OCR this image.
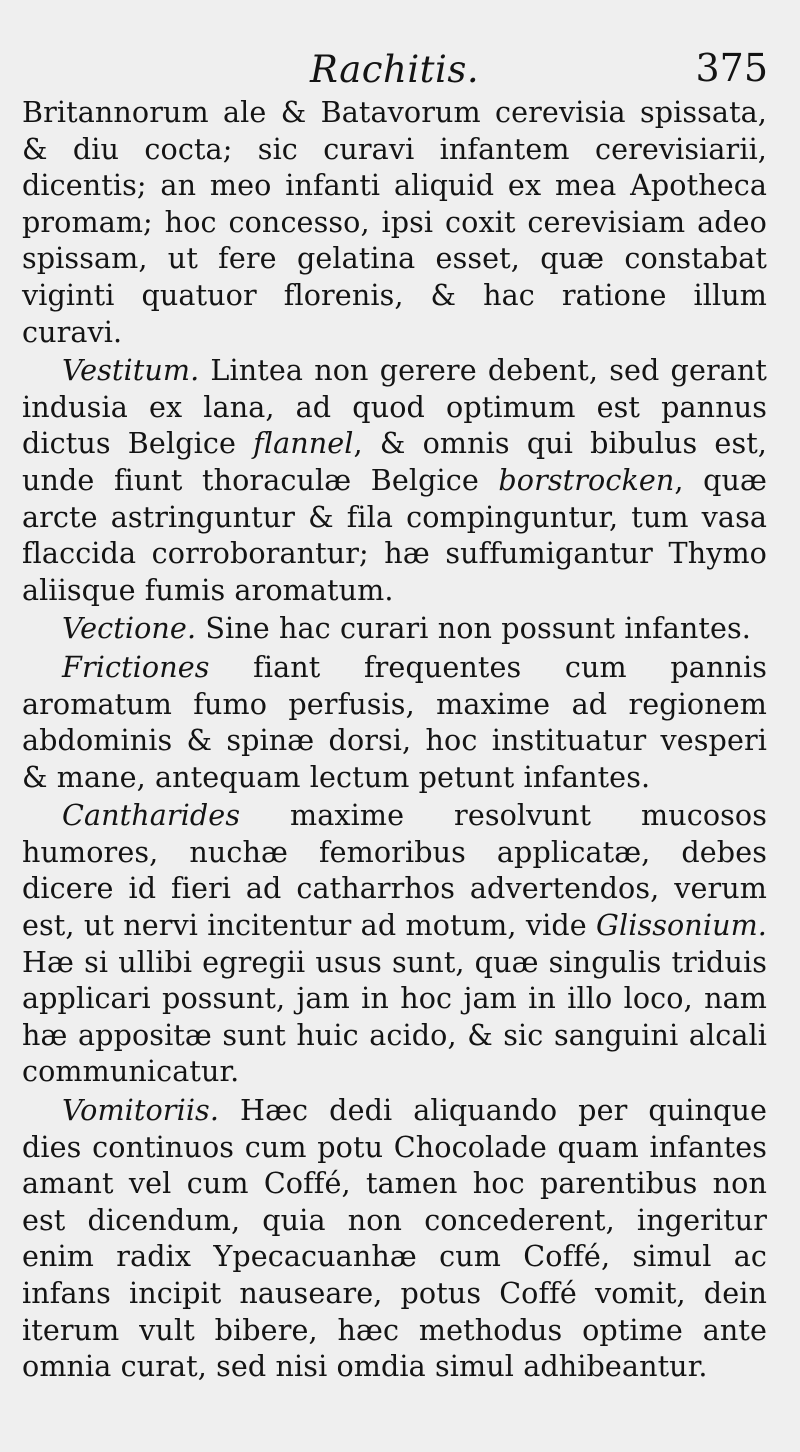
Rachitis.	375

Britannorum ale & Batavorum cerevisia spissata, & diu cocta; sic curavi infantem cerevisiarii, dicentis; an meo infanti aliquid ex mea Apotheca promam; hoc concesso, ipsi coxit cerevisiam adeo spissam, ut fere gelatina esset, quæ constabat viginti quatuor florenis, & hac ratione illum curavi.

Vestitum. Lintea non gerere debent, sed gerant indusia ex lana, ad quod optimum est pannus dictus Belgice flannel, & omnis qui bibulus est, unde fiunt thoraculæ Belgice borstrocken, quæ arcte astringuntur & fila compinguntur, tum vasa flaccida corroborantur; hæ suffumigantur Thymo aliisque fumis aromatum.

Vectione. Sine hac curari non possunt infantes.

Frictiones fiant frequentes cum pannis aromatum fumo perfusis, maxime ad regionem abdominis & spinæ dorsi, hoc instituatur vesperi & mane, antequam lectum petunt infantes.

Cantharides maxime resolvunt mucosos humores, nuchæ femoribus applicatæ, debes dicere id fieri ad catharrhos advertendos, verum est, ut nervi incitentur ad motum, vide Glissonium. Hæ si ullibi egregii usus sunt, quæ singulis triduis applicari possunt, jam in hoc jam in illo loco, nam hæ appositæ sunt huic acido, & sic sanguini alcali communicatur.

Vomitoriis. Hæc dedi aliquando per quinque dies continuos cum potu Chocolade quam infantes amant vel cum Coffé, tamen hoc parentibus non est dicendum, quia non concederent, ingeritur enim radix Ypecacuanhæ cum Coffé, simul ac infans incipit nauseare, potus Coffé vomit, dein iterum vult bibere, hæc methodus optime ante omnia curat, sed nisi omdia simul adhibeantur.
